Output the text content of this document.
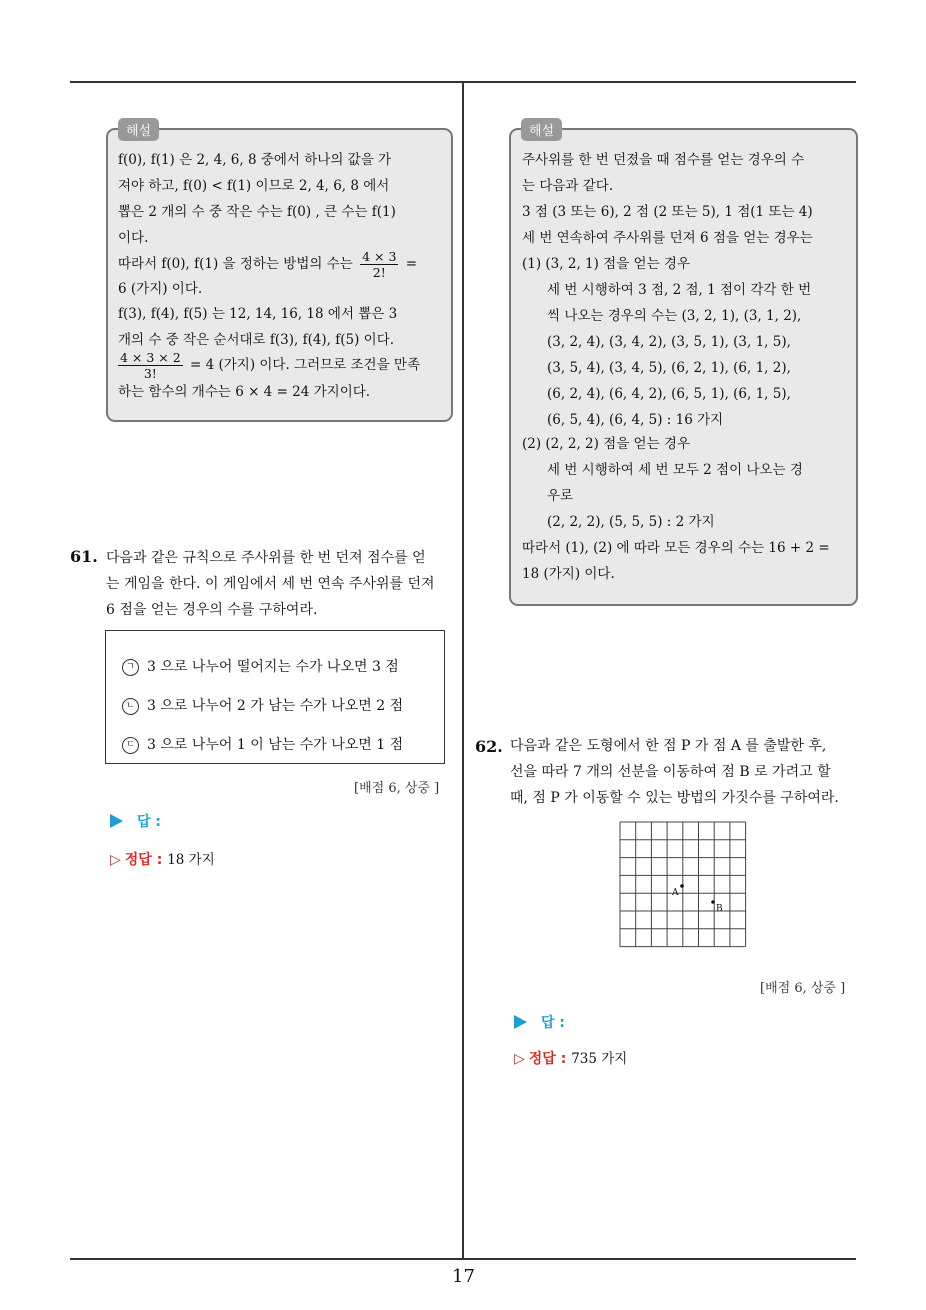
해설
f(0), f(1) 은 2, 4, 6, 8 중에서 하나의 값을 가
져야 하고, f(0) < f(1) 이므로 2, 4, 6, 8 에서
뽑은 2 개의 수 중 작은 수는 f(0) , 큰 수는 f(1)
이다.
따라서 f(0), f(1) 을 정하는 방법의 수는 $\frac{4 \times 3}{2!}$ =
6 (가지) 이다.
f(3), f(4), f(5) 는 12, 14, 16, 18 에서 뽑은 3
개의 수 중 작은 순서대로 f(3), f(4), f(5) 이다.
$\frac{4 \times 3 \times 2}{3!} = 4$ (가지) 이다. 그러므로 조건을 만족
하는 함수의 개수는 6 × 4 = 24 가지이다.
61. 다음과 같은 규칙으로 주사위를 한 번 던져 점수를 얻
는 게임을 한다. 이 게임에서 세 번 연속 주사위를 던져
6 점을 얻는 경우의 수를 구하여라.
ㄱ 3 으로 나누어 떨어지는 수가 나오면 3 점
ㄴ 3 으로 나누어 2 가 남는 수가 나오면 2 점
ㄷ 3 으로 나누어 1 이 남는 수가 나오면 1 점
[배점 6, 상중 ]
답 :
▷ 정답 : 18 가지
해설
주사위를 한 번 던졌을 때 점수를 얻는 경우의 수
는 다음과 같다.
3 점 (3 또는 6), 2 점 (2 또는 5), 1 점(1 또는 4)
세 번 연속하여 주사위를 던져 6 점을 얻는 경우는
(1) (3, 2, 1) 점을 얻는 경우
세 번 시행하여 3 점, 2 점, 1 점이 각각 한 번
씩 나오는 경우의 수는 (3, 2, 1), (3, 1, 2),
(3, 2, 4), (3, 4, 2), (3, 5, 1), (3, 1, 5),
(3, 5, 4), (3, 4, 5), (6, 2, 1), (6, 1, 2),
(6, 2, 4), (6, 4, 2), (6, 5, 1), (6, 1, 5),
(6, 5, 4), (6, 4, 5) : 16 가지
(2) (2, 2, 2) 점을 얻는 경우
세 번 시행하여 세 번 모두 2 점이 나오는 경
우로
(2, 2, 2), (5, 5, 5) : 2 가지
따라서 (1), (2) 에 따라 모든 경우의 수는 16 + 2 =
18 (가지) 이다.
62. 다음과 같은 도형에서 한 점 P 가 점 A 를 출발한 후,
선을 따라 7 개의 선분을 이동하여 점 B 로 가려고 할
때, 점 P 가 이동할 수 있는 방법의 가짓수를 구하여라.
A
B
[배점 6, 상중 ]
답 :
▷ 정답 : 735 가지
17
